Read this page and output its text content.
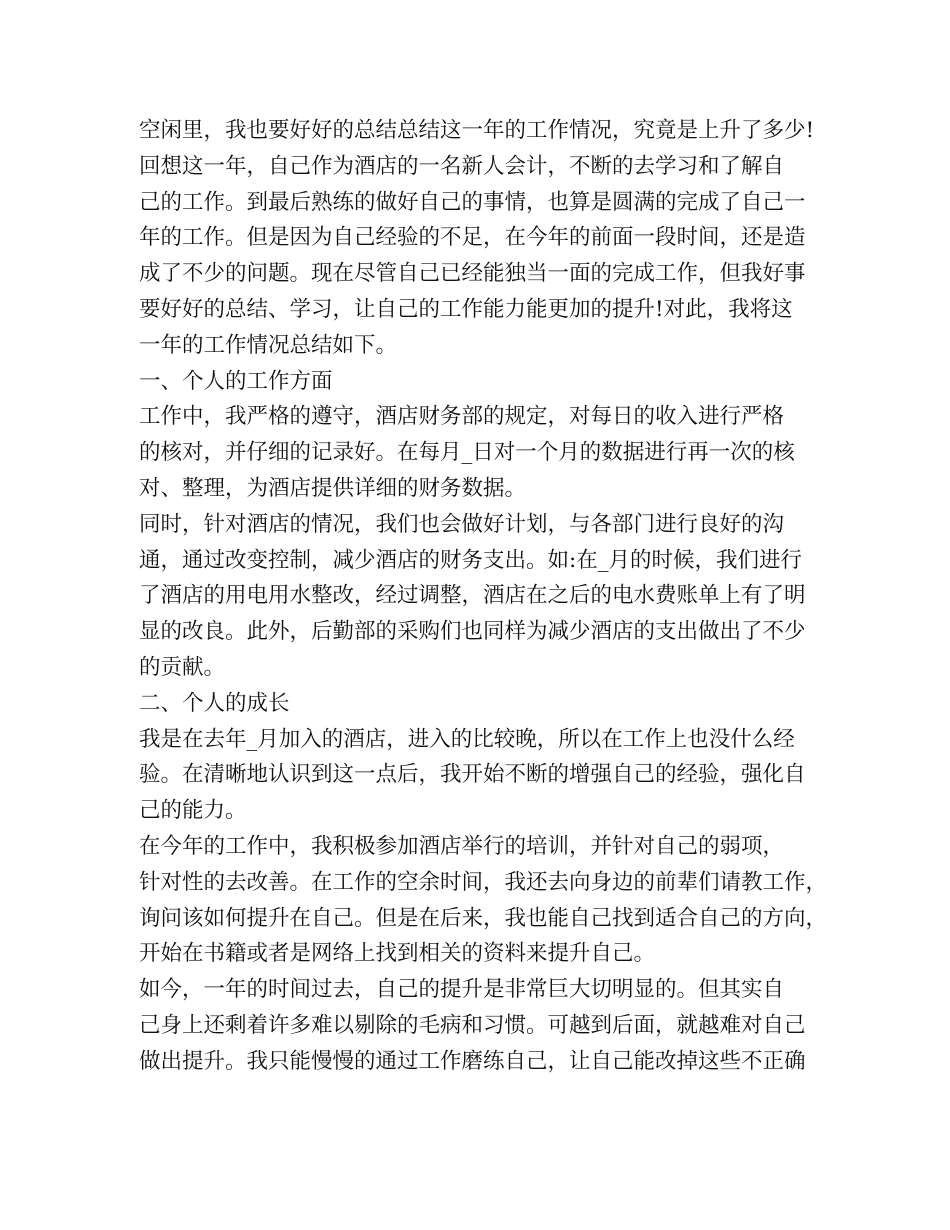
空闲里，我也要好好的总结总结这一年的工作情况，究竟是上升了多少!
回想这一年，自己作为酒店的一名新人会计，不断的去学习和了解自
己的工作。到最后熟练的做好自己的事情，也算是圆满的完成了自己一
年的工作。但是因为自己经验的不足，在今年的前面一段时间，还是造
成了不少的问题。现在尽管自己已经能独当一面的完成工作，但我好事
要好好的总结、学习，让自己的工作能力能更加的提升!对此，我将这
一年的工作情况总结如下。
一、个人的工作方面
工作中，我严格的遵守，酒店财务部的规定，对每日的收入进行严格
的核对，并仔细的记录好。在每月_日对一个月的数据进行再一次的核
对、整理，为酒店提供详细的财务数据。
同时，针对酒店的情况，我们也会做好计划，与各部门进行良好的沟
通，通过改变控制，减少酒店的财务支出。如:在_月的时候，我们进行
了酒店的用电用水整改，经过调整，酒店在之后的电水费账单上有了明
显的改良。此外，后勤部的采购们也同样为减少酒店的支出做出了不少
的贡献。
二、个人的成长
我是在去年_月加入的酒店，进入的比较晚，所以在工作上也没什么经
验。在清晰地认识到这一点后，我开始不断的增强自己的经验，强化自
己的能力。
在今年的工作中，我积极参加酒店举行的培训，并针对自己的弱项，
针对性的去改善。在工作的空余时间，我还去向身边的前辈们请教工作，
询问该如何提升在自己。但是在后来，我也能自己找到适合自己的方向，
开始在书籍或者是网络上找到相关的资料来提升自己。
如今，一年的时间过去，自己的提升是非常巨大切明显的。但其实自
己身上还剩着许多难以剔除的毛病和习惯。可越到后面，就越难对自己
做出提升。我只能慢慢的通过工作磨练自己，让自己能改掉这些不正确
